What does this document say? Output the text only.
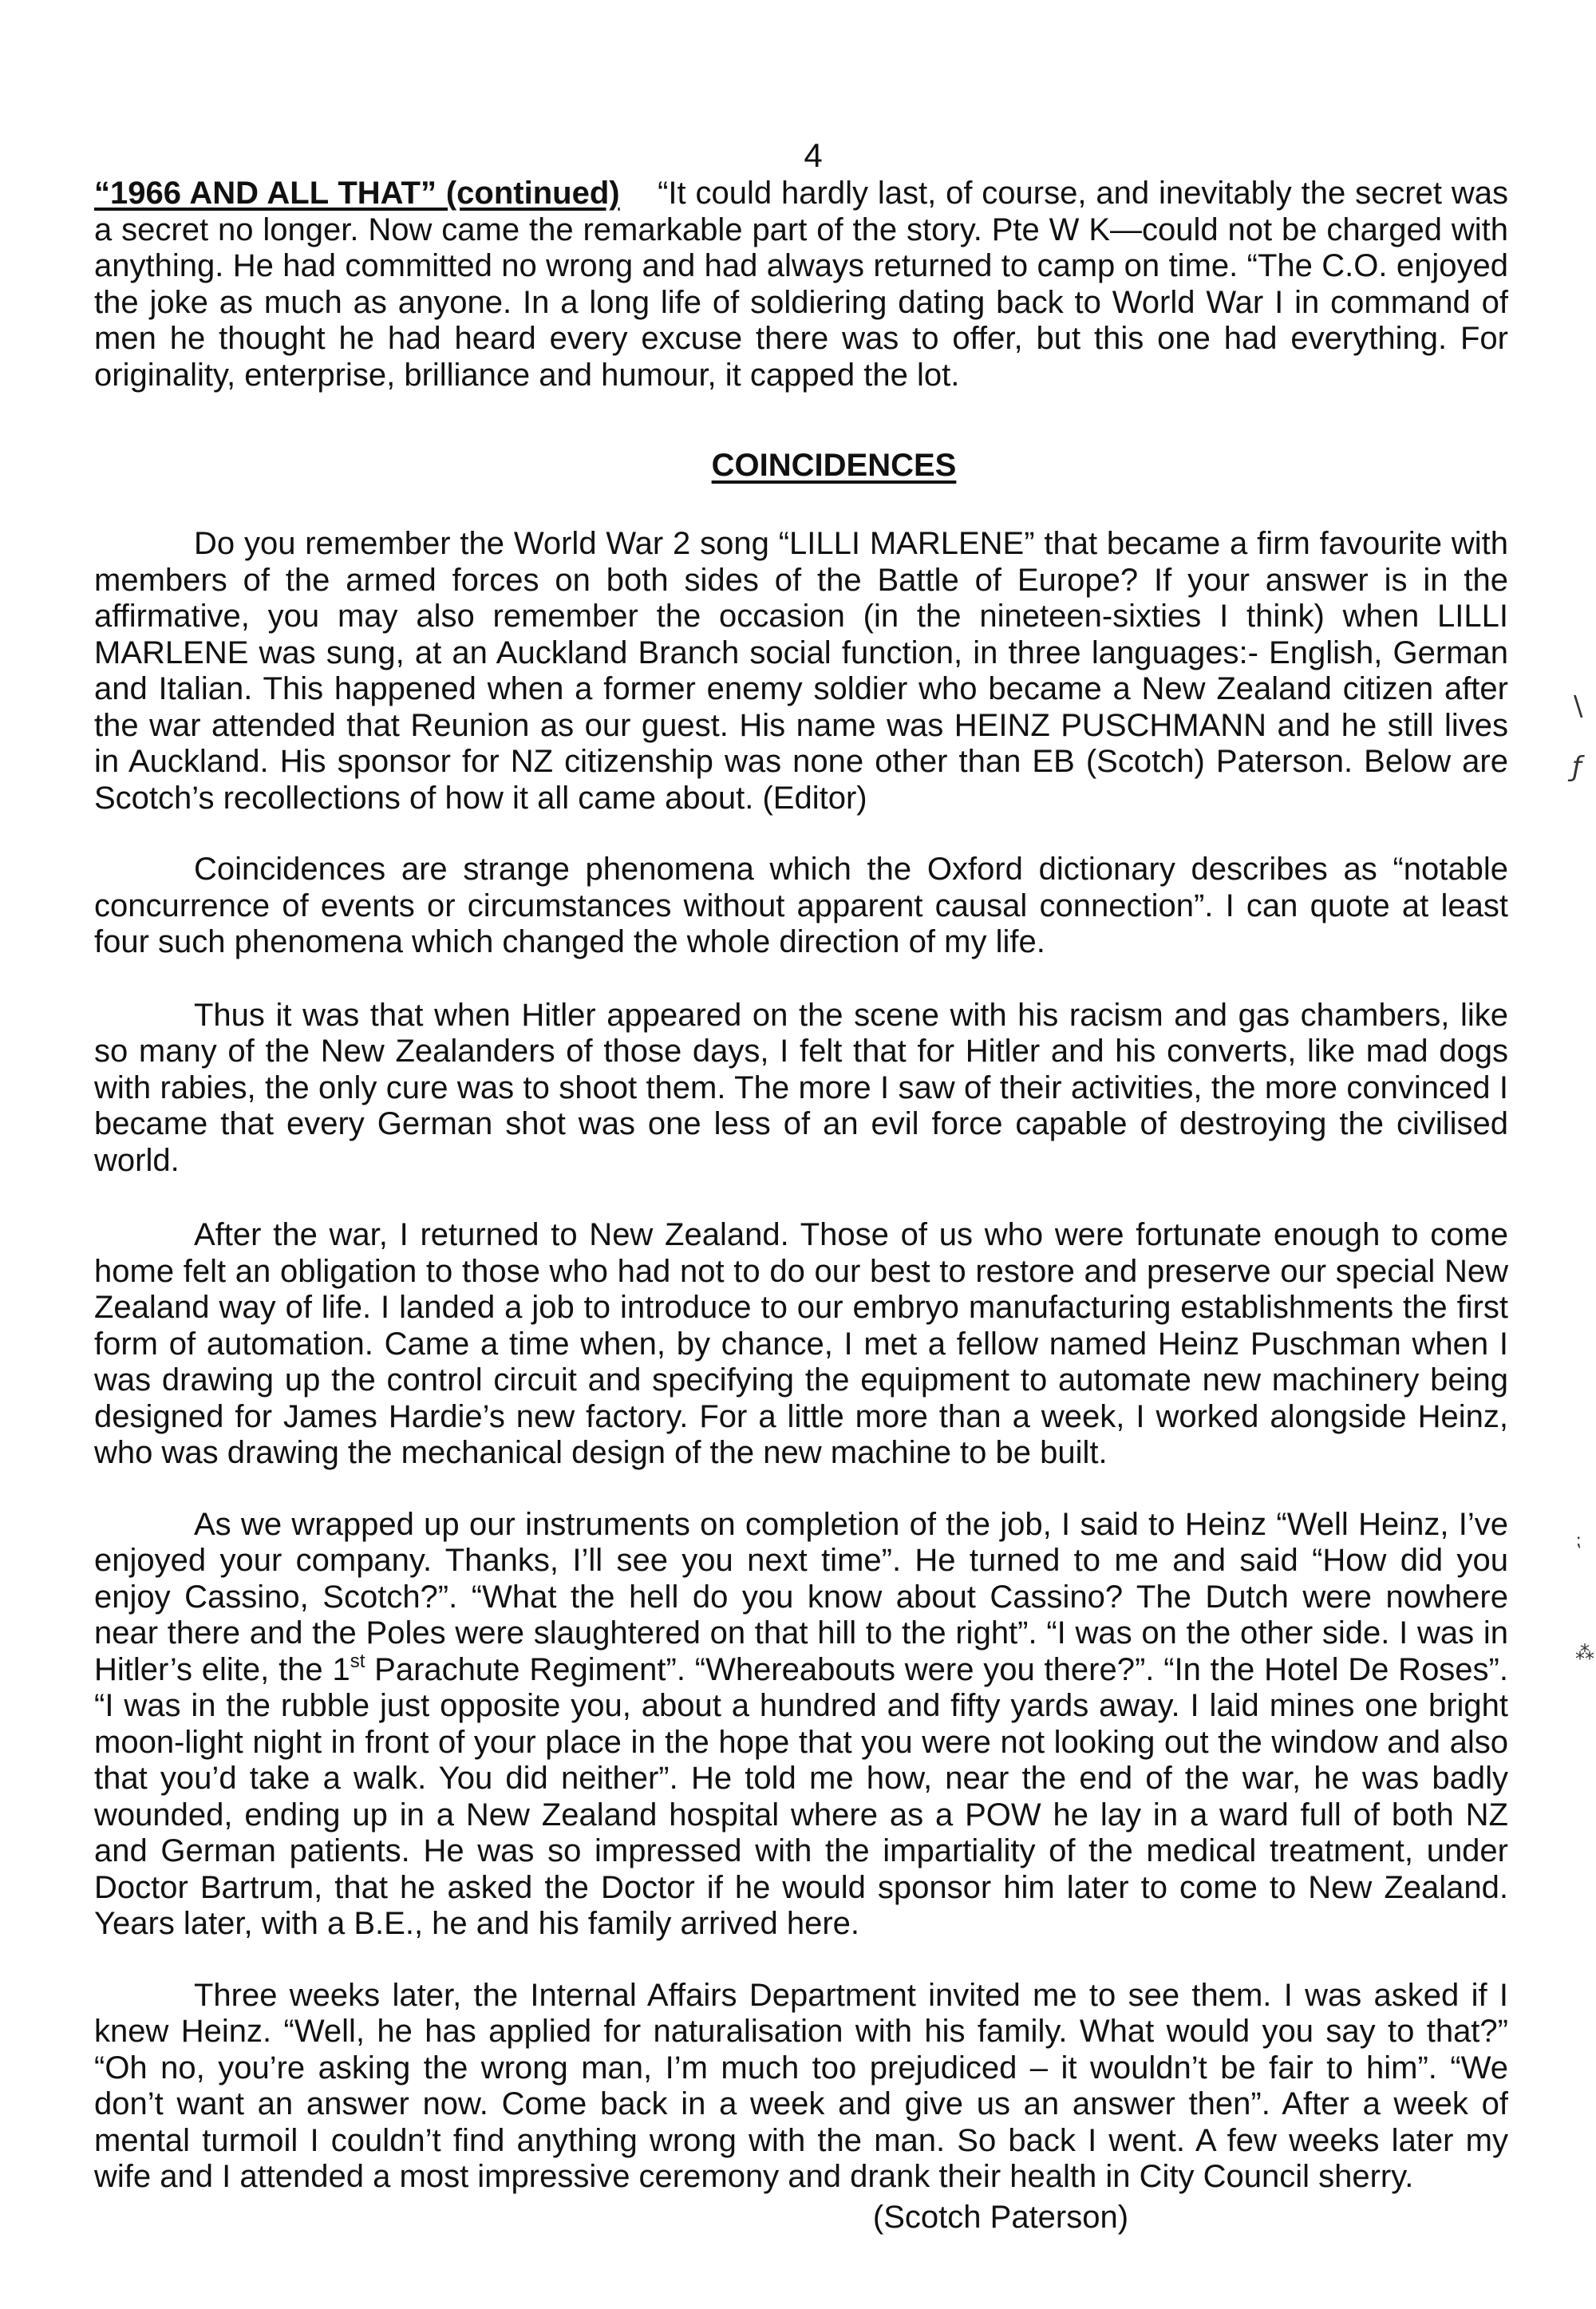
4

“1966 AND ALL THAT” (continued) “It could hardly last, of course, and inevitably the secret was a secret no longer. Now came the remarkable part of the story. Pte W K—could not be charged with anything. He had committed no wrong and had always returned to camp on time. “The C.O. enjoyed the joke as much as anyone. In a long life of soldiering dating back to World War I in command of men he thought he had heard every excuse there was to offer, but this one had everything. For originality, enterprise, brilliance and humour, it capped the lot.

COINCIDENCES

Do you remember the World War 2 song “LILLI MARLENE” that became a firm favourite with members of the armed forces on both sides of the Battle of Europe? If your answer is in the affirmative, you may also remember the occasion (in the nineteen-sixties I think) when LILLI MARLENE was sung, at an Auckland Branch social function, in three languages:- English, German and Italian. This happened when a former enemy soldier who became a New Zealand citizen after the war attended that Reunion as our guest. His name was HEINZ PUSCHMANN and he still lives in Auckland. His sponsor for NZ citizenship was none other than EB (Scotch) Paterson. Below are Scotch’s recollections of how it all came about. (Editor)

Coincidences are strange phenomena which the Oxford dictionary describes as “notable concurrence of events or circumstances without apparent causal connection”. I can quote at least four such phenomena which changed the whole direction of my life.

Thus it was that when Hitler appeared on the scene with his racism and gas chambers, like so many of the New Zealanders of those days, I felt that for Hitler and his converts, like mad dogs with rabies, the only cure was to shoot them. The more I saw of their activities, the more convinced I became that every German shot was one less of an evil force capable of destroying the civilised world.

After the war, I returned to New Zealand. Those of us who were fortunate enough to come home felt an obligation to those who had not to do our best to restore and preserve our special New Zealand way of life. I landed a job to introduce to our embryo manufacturing establishments the first form of automation. Came a time when, by chance, I met a fellow named Heinz Puschman when I was drawing up the control circuit and specifying the equipment to automate new machinery being designed for James Hardie’s new factory. For a little more than a week, I worked alongside Heinz, who was drawing the mechanical design of the new machine to be built.

As we wrapped up our instruments on completion of the job, I said to Heinz “Well Heinz, I’ve enjoyed your company. Thanks, I’ll see you next time”. He turned to me and said “How did you enjoy Cassino, Scotch?”. “What the hell do you know about Cassino? The Dutch were nowhere near there and the Poles were slaughtered on that hill to the right”. “I was on the other side. I was in Hitler’s elite, the 1st Parachute Regiment”. “Whereabouts were you there?”. “In the Hotel De Roses”. “I was in the rubble just opposite you, about a hundred and fifty yards away. I laid mines one bright moon-light night in front of your place in the hope that you were not looking out the window and also that you’d take a walk. You did neither”. He told me how, near the end of the war, he was badly wounded, ending up in a New Zealand hospital where as a POW he lay in a ward full of both NZ and German patients. He was so impressed with the impartiality of the medical treatment, under Doctor Bartrum, that he asked the Doctor if he would sponsor him later to come to New Zealand. Years later, with a B.E., he and his family arrived here.

Three weeks later, the Internal Affairs Department invited me to see them. I was asked if I knew Heinz. “Well, he has applied for naturalisation with his family. What would you say to that?” “Oh no, you’re asking the wrong man, I’m much too prejudiced – it wouldn’t be fair to him”. “We don’t want an answer now. Come back in a week and give us an answer then”. After a week of mental turmoil I couldn’t find anything wrong with the man. So back I went. A few weeks later my wife and I attended a most impressive ceremony and drank their health in City Council sherry.

(Scotch Paterson)
\
ƒ
⁏
⁂
